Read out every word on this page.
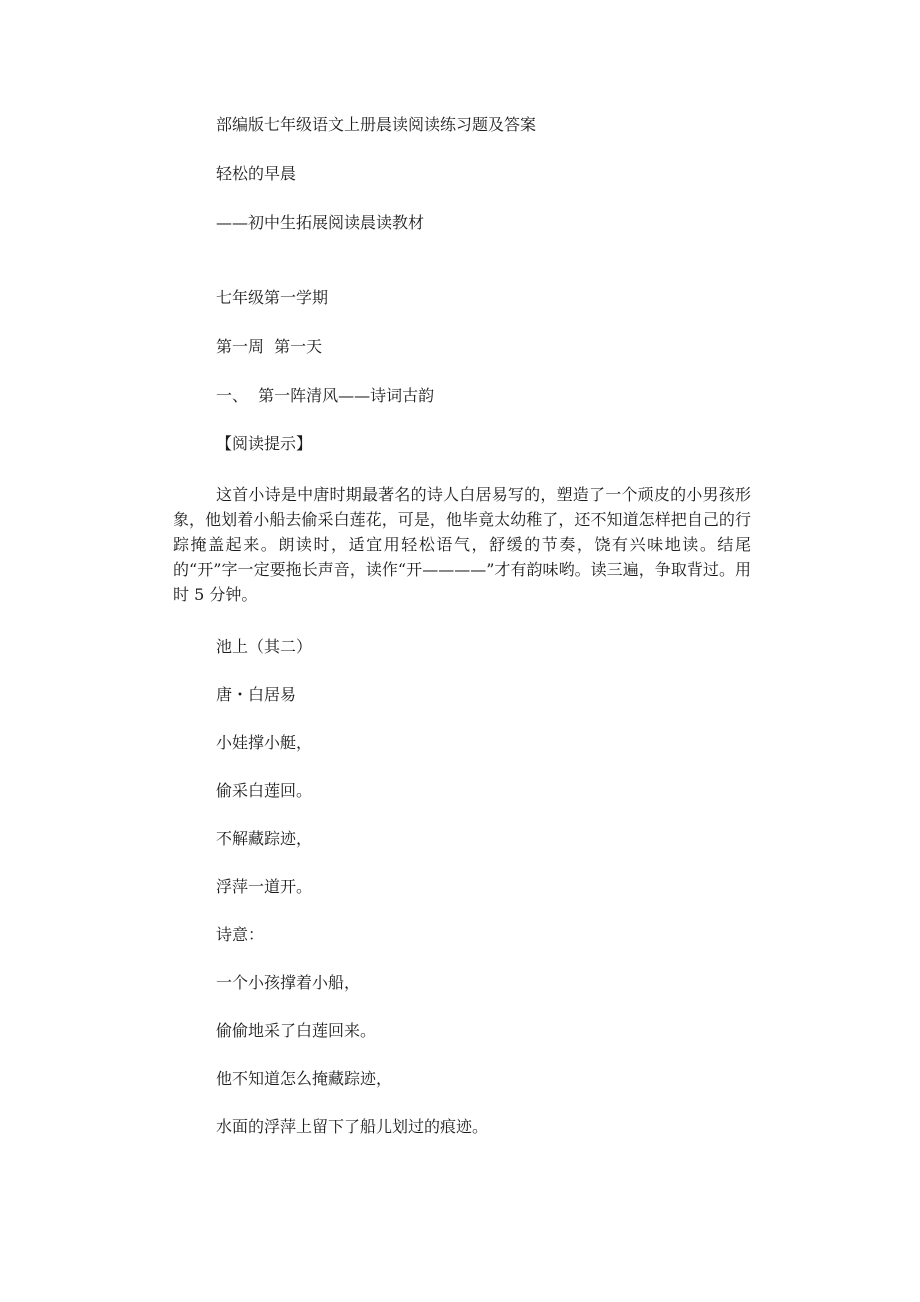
部编版七年级语文上册晨读阅读练习题及答案
轻松的早晨
——初中生拓展阅读晨读教材
七年级第一学期
第一周  第一天
一、  第一阵清风——诗词古韵
【阅读提示】
这首小诗是中唐时期最著名的诗人白居易写的，塑造了一个顽皮的小男孩形象，他划着小船去偷采白莲花，可是，他毕竟太幼稚了，还不知道怎样把自己的行踪掩盖起来。朗读时，适宜用轻松语气，舒缓的节奏，饶有兴味地读。结尾的“开”字一定要拖长声音，读作“开————”才有韵味哟。读三遍，争取背过。用时 5 分钟。
池上（其二）
唐・白居易
小娃撑小艇，
偷采白莲回。
不解藏踪迹，
浮萍一道开。
诗意：
一个小孩撑着小船，
偷偷地采了白莲回来。
他不知道怎么掩藏踪迹，
水面的浮萍上留下了船儿划过的痕迹。
